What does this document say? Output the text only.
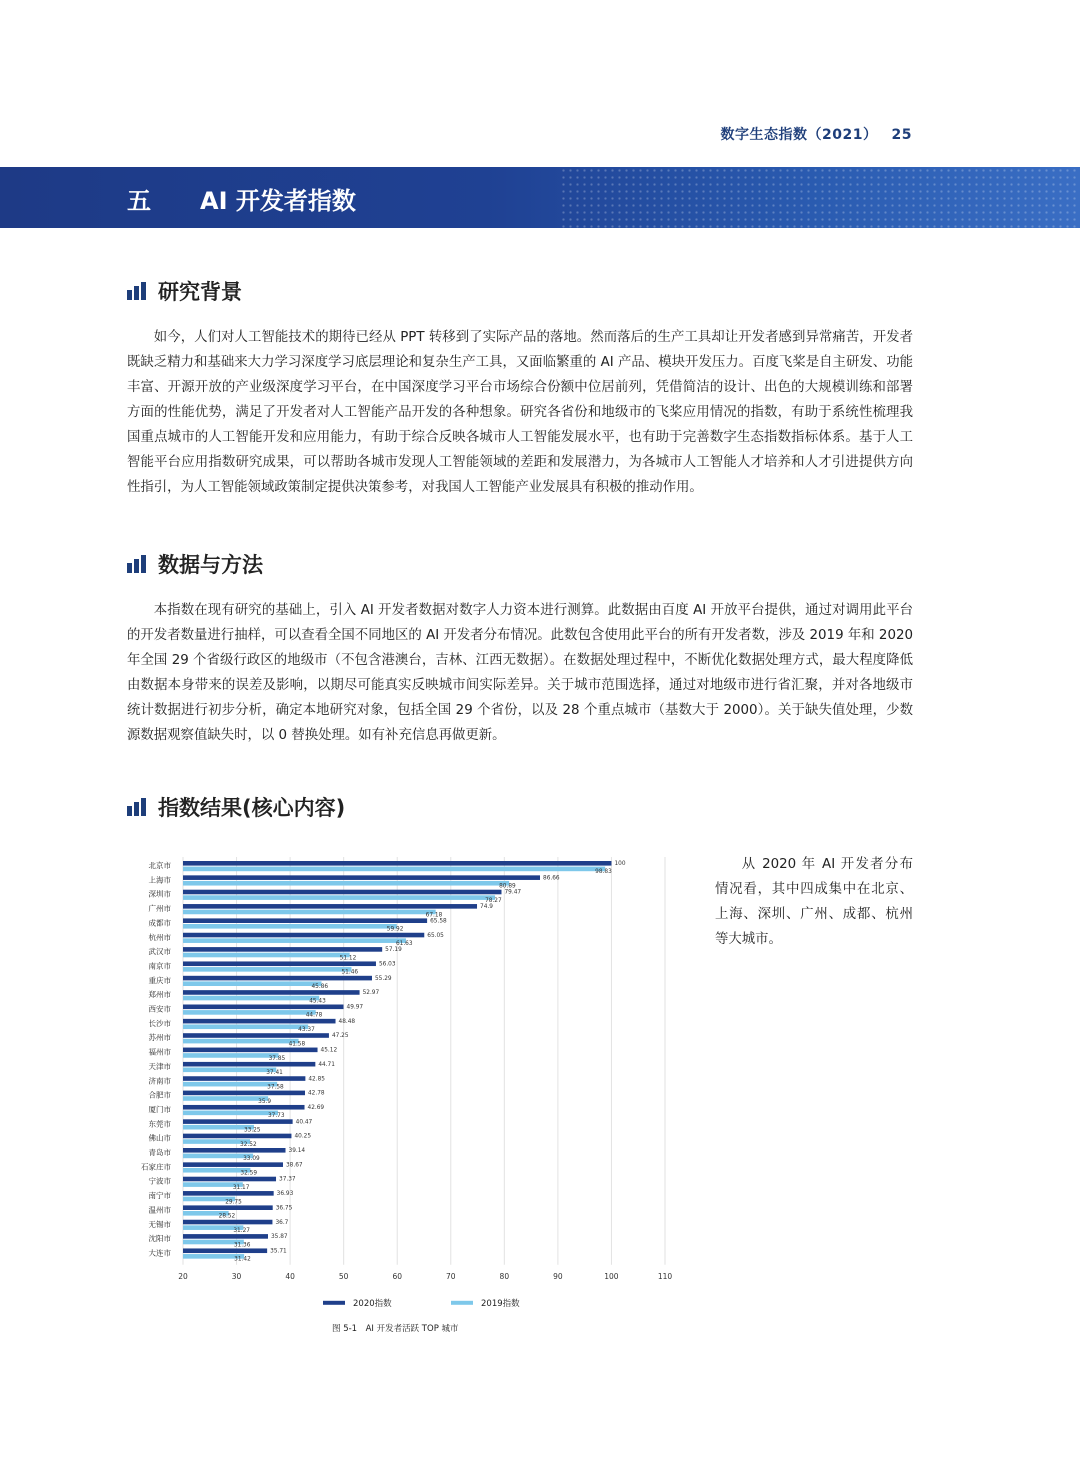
数字生态指数（2021） 25
五 AI 开发者指数
研究背景

如今，人们对人工智能技术的期待已经从 PPT 转移到了实际产品的落地。然而落后的生产工具却让开发者感到异常痛苦，开发者既缺乏精力和基础来大力学习深度学习底层理论和复杂生产工具，又面临繁重的 AI 产品、模块开发压力。百度飞桨是自主研发、功能丰富、开源开放的产业级深度学习平台，在中国深度学习平台市场综合份额中位居前列，凭借简洁的设计、出色的大规模训练和部署方面的性能优势，满足了开发者对人工智能产品开发的各种想象。研究各省份和地级市的飞桨应用情况的指数，有助于系统性梳理我国重点城市的人工智能开发和应用能力，有助于综合反映各城市人工智能发展水平，也有助于完善数字生态指数指标体系。基于人工智能平台应用指数研究成果，可以帮助各城市发现人工智能领域的差距和发展潜力，为各城市人工智能人才培养和人才引进提供方向性指引，为人工智能领域政策制定提供决策参考，对我国人工智能产业发展具有积极的推动作用。

数据与方法

本指数在现有研究的基础上，引入 AI 开发者数据对数字人力资本进行测算。此数据由百度 AI 开放平台提供，通过对调用此平台的开发者数量进行抽样，可以查看全国不同地区的 AI 开发者分布情况。此数包含使用此平台的所有开发者数，涉及 2019 年和 2020 年全国 29 个省级行政区的地级市（不包含港澳台，吉林、江西无数据）。在数据处理过程中，不断优化数据处理方式，最大程度降低由数据本身带来的误差及影响，以期尽可能真实反映城市间实际差异。关于城市范围选择，通过对地级市进行省汇聚，并对各地级市统计数据进行初步分析，确定本地研究对象，包括全国 29 个省份，以及 28 个重点城市（基数大于 2000）。关于缺失值处理，少数源数据观察值缺失时，以 0 替换处理。如有补充信息再做更新。

指数结果(核心内容)
20	30	40	50	60	70	80	90	100	110
北京市	100
98.83
上海市	86.66
80.89
深圳市	79.47
78.27
广州市	74.9
67.18
成都市	65.58
59.92
杭州市	65.05
61.63
武汉市	57.19
51.12
南京市	56.03
51.46
重庆市	55.29
45.86
郑州市	52.97
45.43
西安市	49.97
44.78
长沙市	48.48
43.37
苏州市	47.25
41.58
福州市	45.12
37.85
天津市	44.71
37.41
济南市	42.85
37.58
合肥市	42.78
35.9
厦门市	42.69
37.73
东莞市	40.47
33.25
佛山市	40.25
32.52
青岛市	39.14
33.09
石家庄市	38.67
32.59
宁波市	37.37
31.17
南宁市	36.93
29.75
温州市	36.75
28.52
无锡市	36.7
31.27
沈阳市	35.87
31.36
大连市	35.71
31.42
2020指数	2019指数
图 5-1　AI 开发者活跃 TOP 城市

从 2020 年 AI 开发者分布情况看，其中四成集中在北京、上海、深圳、广州、成都、杭州等大城市。
